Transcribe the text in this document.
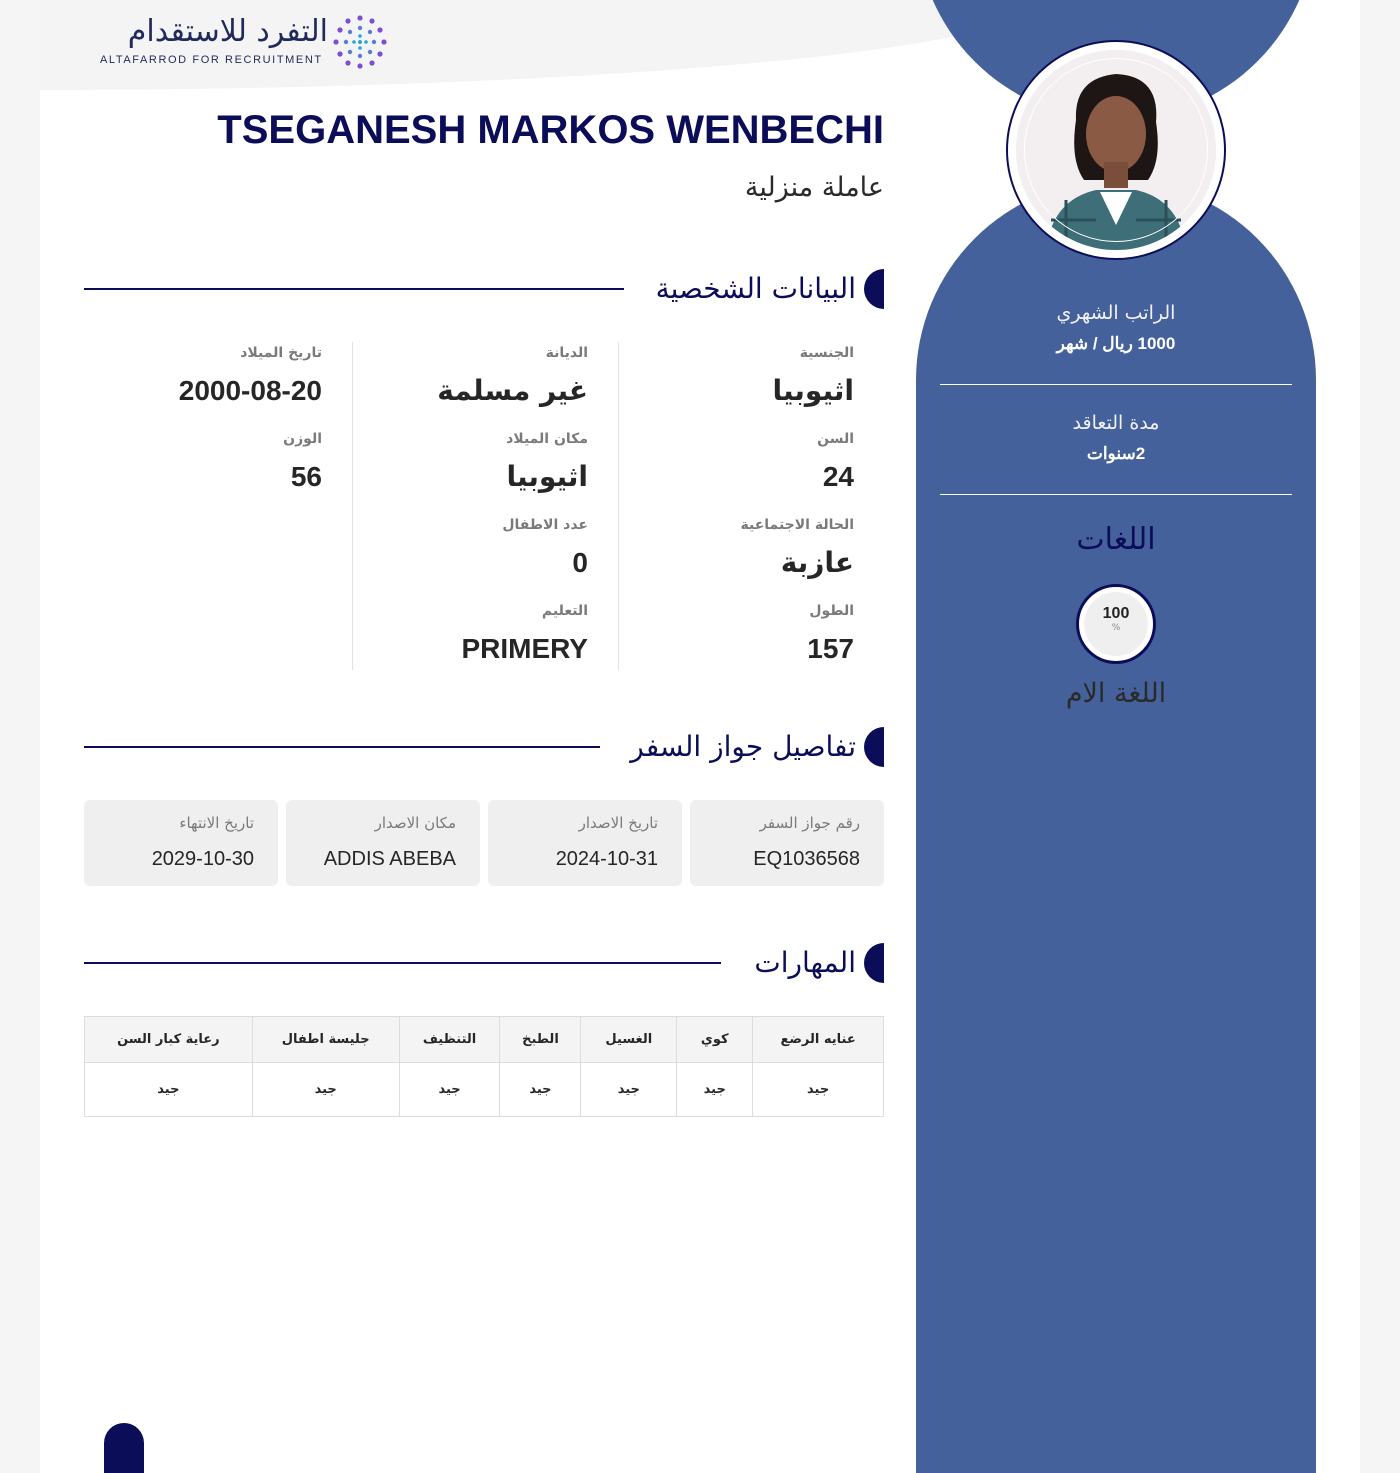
التفرد للاستقدام
ALTAFARROD FOR RECRUITMENT
الراتب الشهري
1000 ريال / شهر
مدة التعاقد
2سنوات
اللغات
100
%
اللغة الام
TSEGANESH MARKOS WENBECHI
عاملة منزلية
البيانات الشخصية
الجنسية
اثيوبيا
السن
24
الحالة الاجتماعية
عازبة
الطول
157
الديانة
غير مسلمة
مكان الميلاد
اثيوبيا
عدد الاطفال
0
التعليم
PRIMERY
تاريخ الميلاد
2000-08-20
الوزن
56
تفاصيل جواز السفر
رقم جواز السفر
EQ1036568
تاريخ الاصدار
2024-10-31
مكان الاصدار
ADDIS ABEBA
تاريخ الانتهاء
2029-10-30
المهارات
عنايه الرضع	كوي	الغسيل	الطبخ	التنظيف	جليسة اطفال	رعاية كبار السن
جيد	جيد	جيد	جيد	جيد	جيد	جيد
